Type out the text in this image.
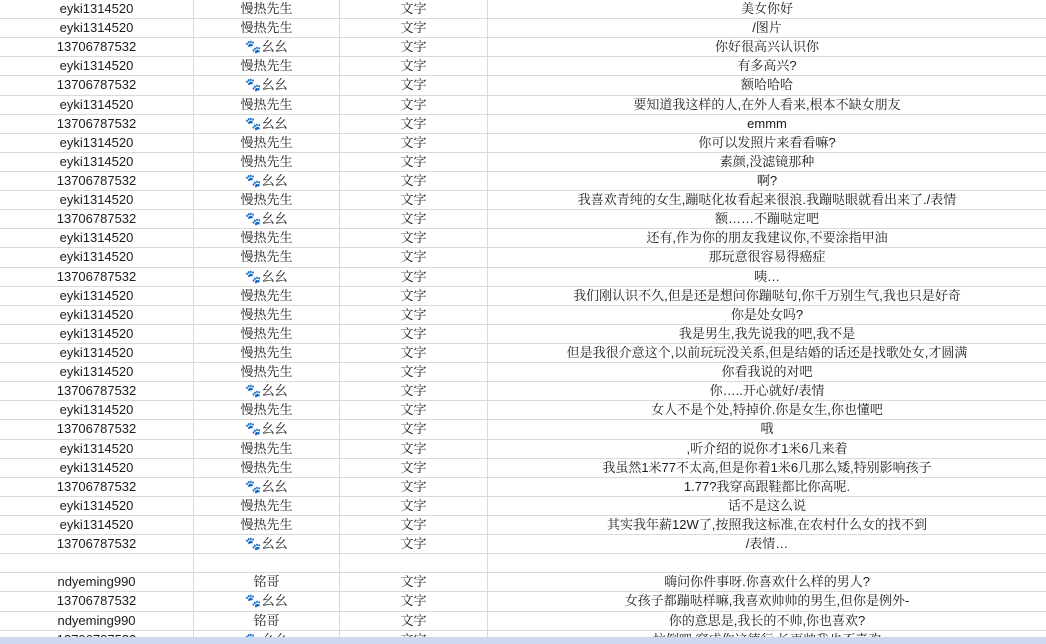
eyki1314520	慢热先生	文字	美女你好
eyki1314520	慢热先生	文字	/图片
13706787532	🐾幺幺	文字	你好很高兴认识你
eyki1314520	慢热先生	文字	有多高兴?
13706787532	🐾幺幺	文字	额哈哈哈
eyki1314520	慢热先生	文字	要知道我这样的人,在外人看来,根本不缺女朋友
13706787532	🐾幺幺	文字	emmm
eyki1314520	慢热先生	文字	你可以发照片来看看嘛?
eyki1314520	慢热先生	文字	素颜,没滤镜那种
13706787532	🐾幺幺	文字	啊?
eyki1314520	慢热先生	文字	我喜欢青纯的女生,蹦哒化妆看起来很浪.我蹦哒眼就看出来了./表情
13706787532	🐾幺幺	文字	额……不蹦哒定吧
eyki1314520	慢热先生	文字	还有,作为你的朋友我建议你,不要涂指甲油
eyki1314520	慢热先生	文字	那玩意很容易得癌症
13706787532	🐾幺幺	文字	咦…
eyki1314520	慢热先生	文字	我们刚认识不久,但是还是想问你蹦哒句,你千万别生气,我也只是好奇
eyki1314520	慢热先生	文字	你是处女吗?
eyki1314520	慢热先生	文字	我是男生,我先说我的吧,我不是
eyki1314520	慢热先生	文字	但是我很介意这个,以前玩玩没关系,但是结婚的话还是找歌处女,才圆满
eyki1314520	慢热先生	文字	你看我说的对吧
13706787532	🐾幺幺	文字	你…..开心就好/表情
eyki1314520	慢热先生	文字	女人不是个处,特掉价.你是女生,你也懂吧
13706787532	🐾幺幺	文字	哦
eyki1314520	慢热先生	文字	,听介绍的说你才1米6几来着
eyki1314520	慢热先生	文字	我虽然1米77不太高,但是你着1米6几那么矮,特别影响孩子
13706787532	🐾幺幺	文字	1.77?我穿高跟鞋都比你高呢.
eyki1314520	慢热先生	文字	话不是这么说
eyki1314520	慢热先生	文字	其实我年薪12W了,按照我这标准,在农村什么女的找不到
13706787532	🐾幺幺	文字	/表情…
ndyeming990	铭哥	文字	嗨问你件事呀.你喜欢什么样的男人?
13706787532	🐾幺幺	文字	女孩子都蹦哒样嘛,我喜欢帅帅的男生,但你是例外-
ndyeming990	铭哥	文字	你的意思是,我长的不帅,你也喜欢?
